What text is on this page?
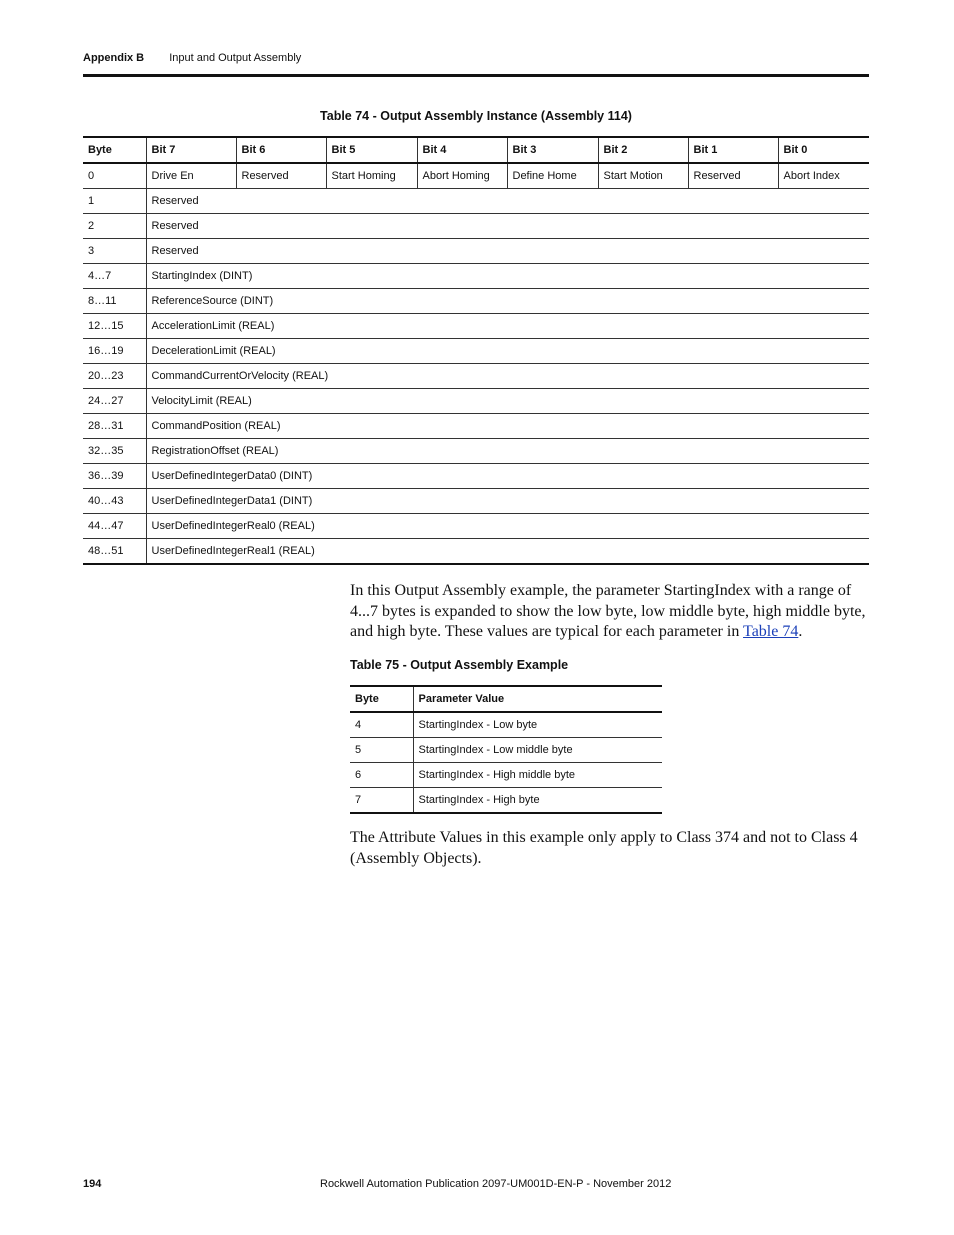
Appendix B Input and Output Assembly
Table 74 - Output Assembly Instance (Assembly 114)
Byte	Bit 7	Bit 6	Bit 5	Bit 4	Bit 3	Bit 2	Bit 1	Bit 0
0	Drive En	Reserved	Start Homing	Abort Homing	Define Home	Start Motion	Reserved	Abort Index
1	Reserved							
2	Reserved							
3	Reserved							
4…7	StartingIndex (DINT)							
8…11	ReferenceSource (DINT)							
12…15	AccelerationLimit (REAL)							
16…19	DecelerationLimit (REAL)							
20…23	CommandCurrentOrVelocity (REAL)							
24…27	VelocityLimit (REAL)							
28…31	CommandPosition (REAL)							
32…35	RegistrationOffset (REAL)							
36…39	UserDefinedIntegerData0 (DINT)							
40…43	UserDefinedIntegerData1 (DINT)							
44…47	UserDefinedIntegerReal0 (REAL)							
48…51	UserDefinedIntegerReal1 (REAL)							
In this Output Assembly example, the parameter StartingIndex with a range of 4...7 bytes is expanded to show the low byte, low middle byte, high middle byte, and high byte. These values are typical for each parameter in Table 74.
Table 75 - Output Assembly Example
Byte	Parameter Value
4	StartingIndex - Low byte
5	StartingIndex - Low middle byte
6	StartingIndex - High middle byte
7	StartingIndex - High byte
The Attribute Values in this example only apply to Class 374 and not to Class 4 (Assembly Objects).
194	Rockwell Automation Publication 2097-UM001D-EN-P - November 2012
